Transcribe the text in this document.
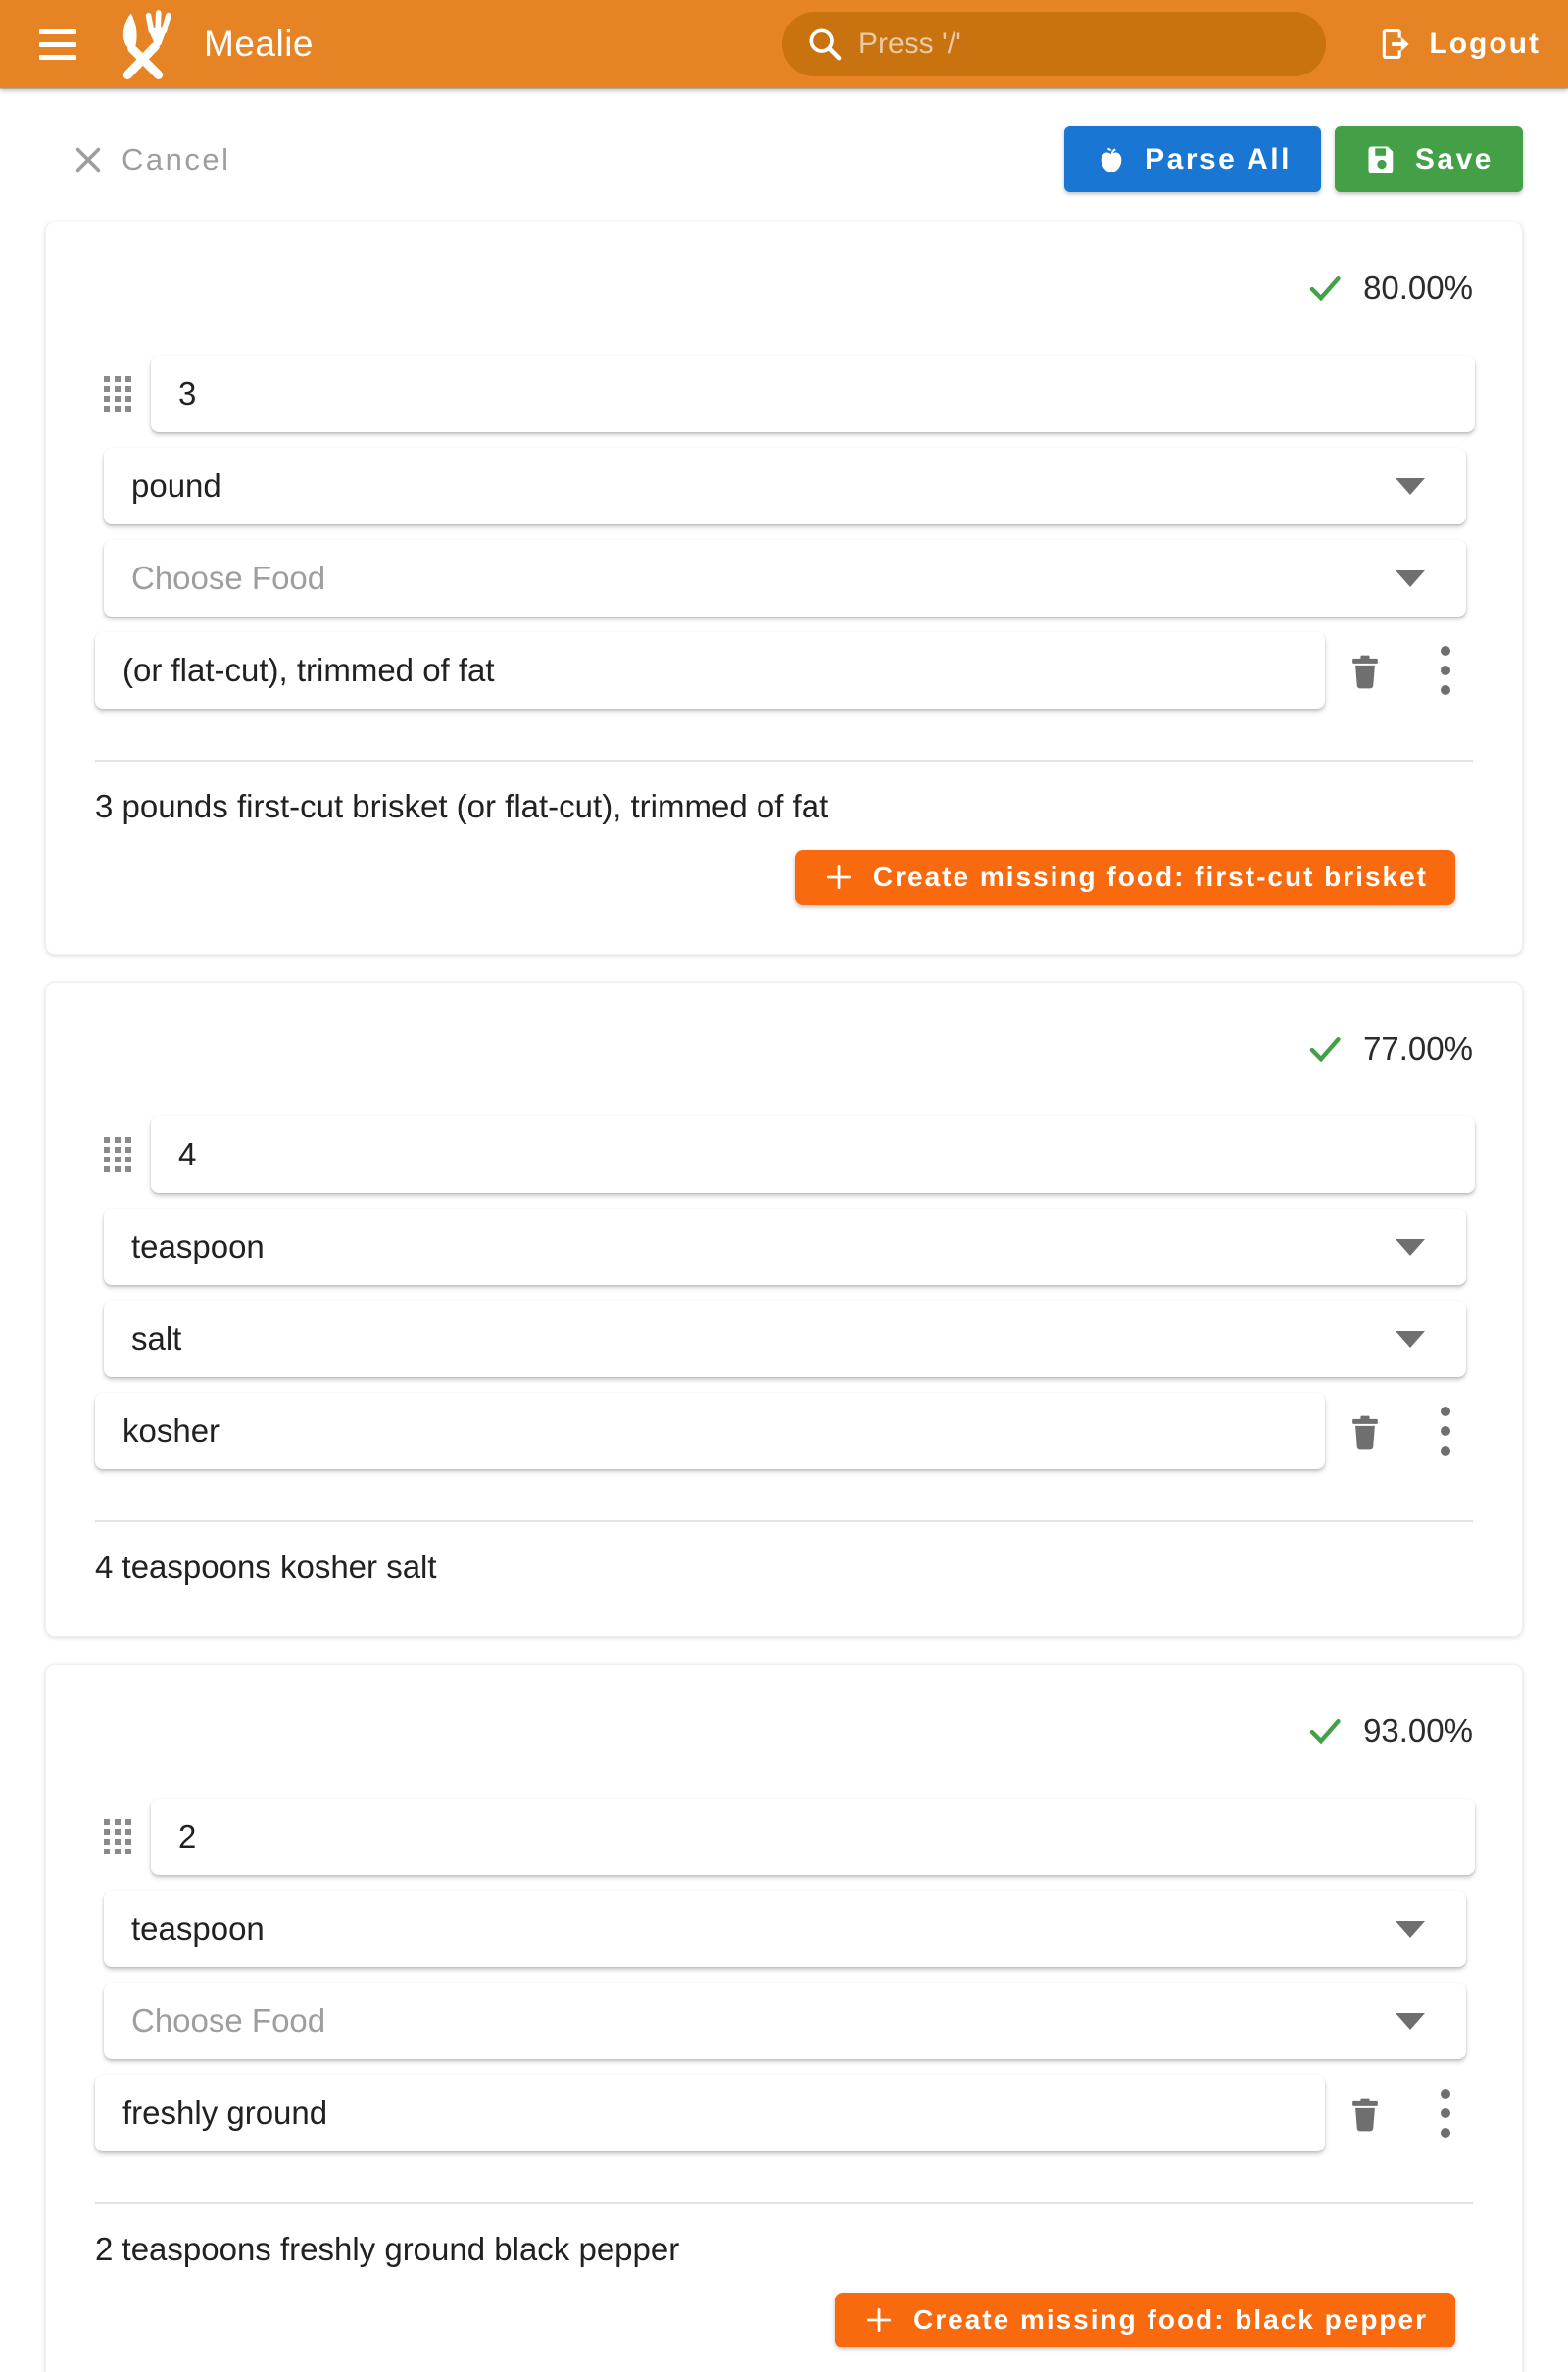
Mealie	Press '/'	Logout
Cancel	Parse All	Save
80.00%
3
pound
Choose Food
(or flat-cut), trimmed of fat

3 pounds first-cut brisket (or flat-cut), trimmed of fat

Create missing food: first-cut brisket
77.00%
4
teaspoon
salt
kosher

4 teaspoons kosher salt

93.00%
2
teaspoon
Choose Food
freshly ground

2 teaspoons freshly ground black pepper

Create missing food: black pepper
